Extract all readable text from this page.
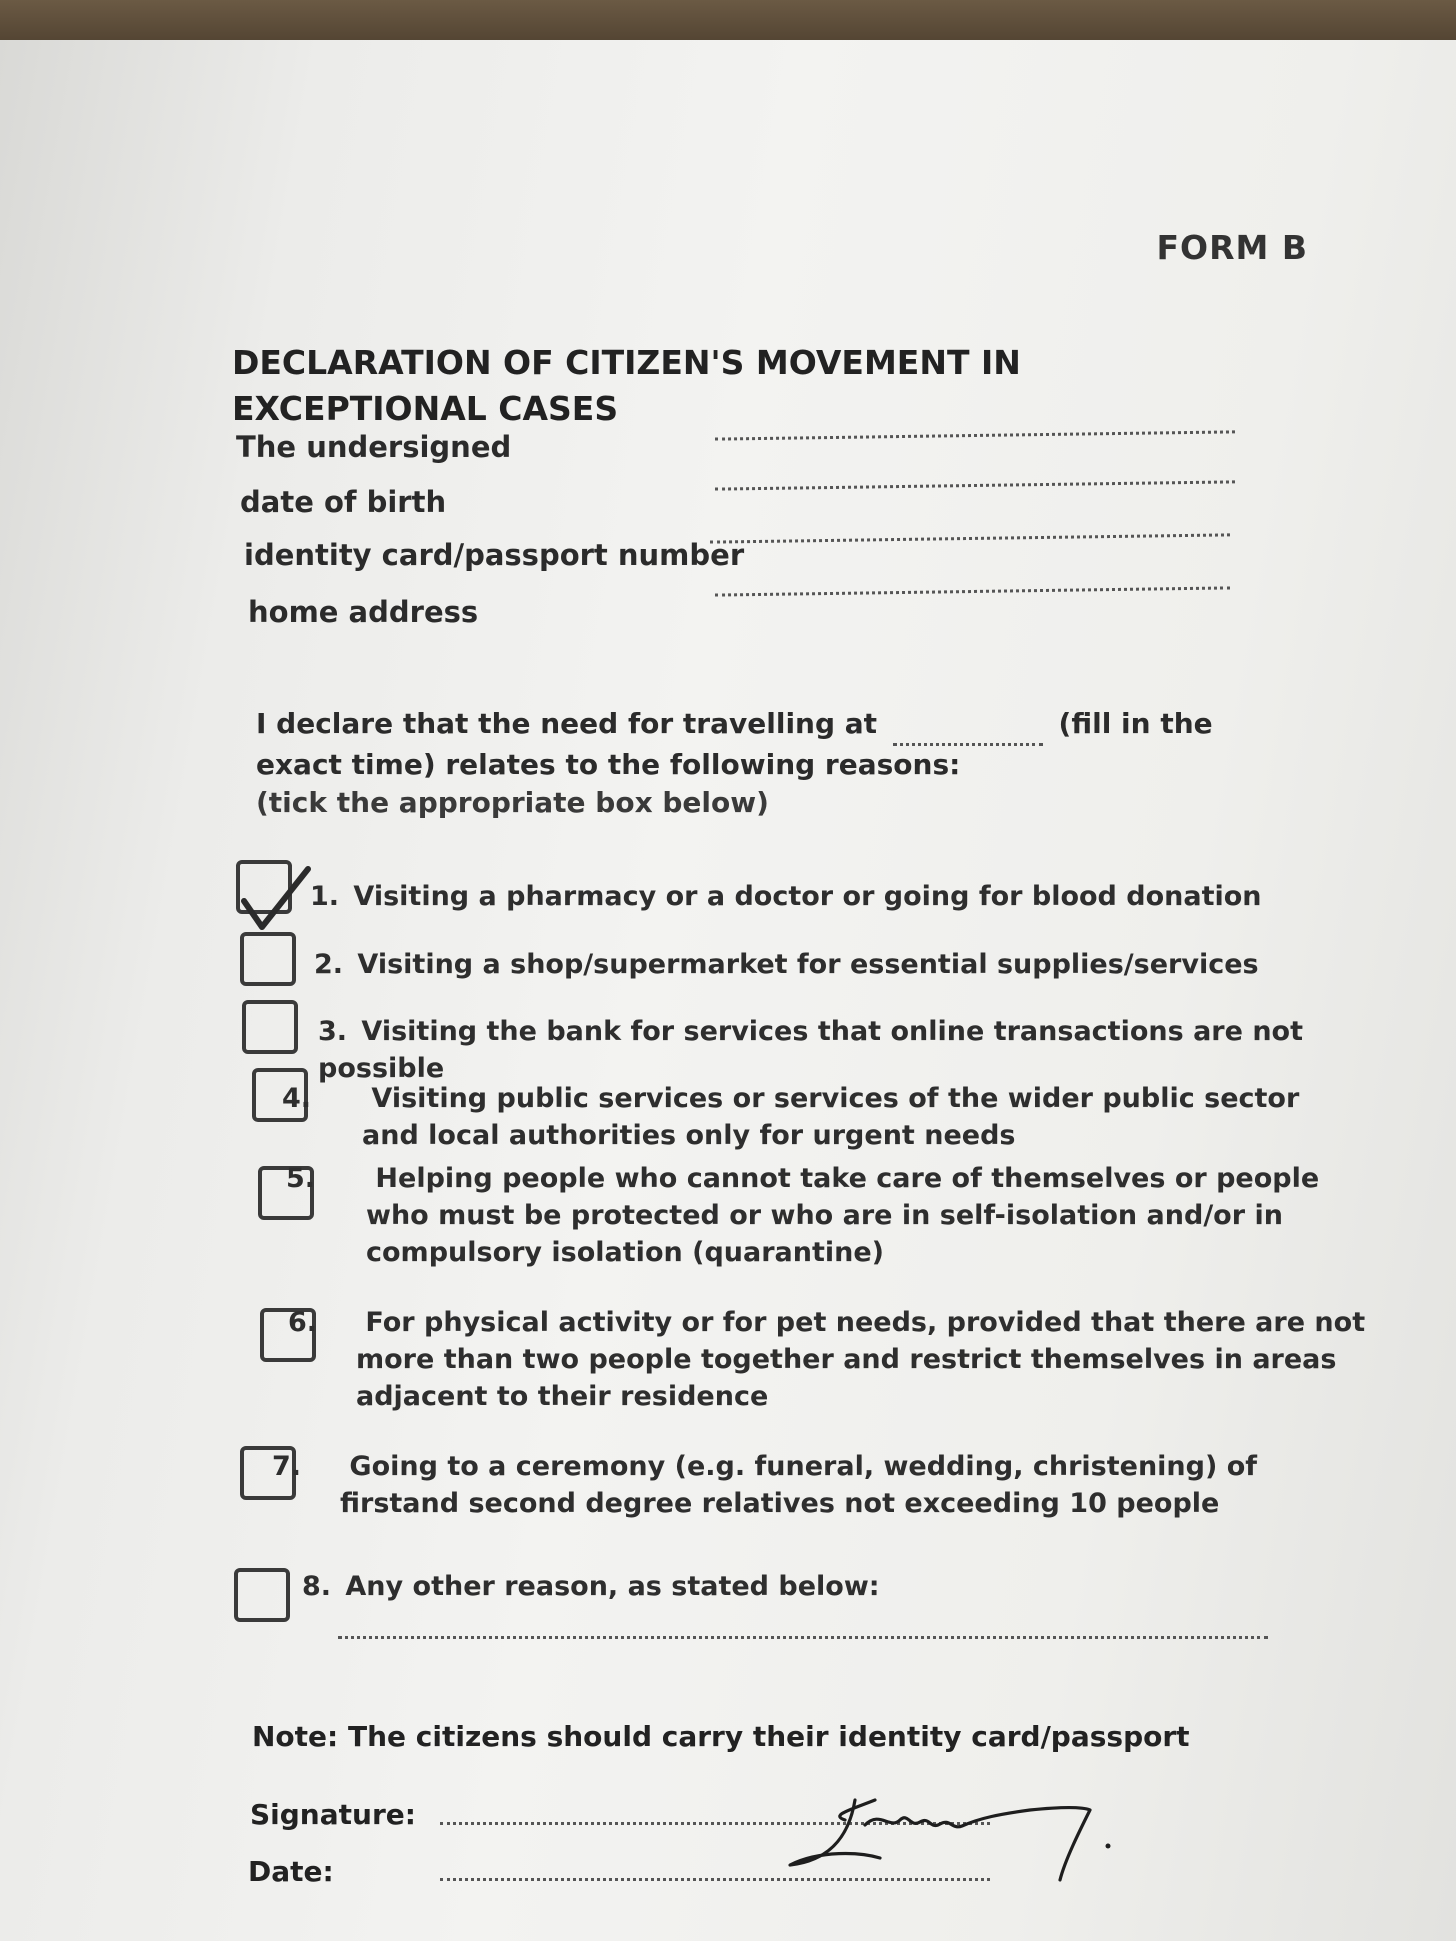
FORM B
DECLARATION OF CITIZEN'S MOVEMENT IN EXCEPTIONAL CASES
The undersigned
date of birth
identity card/passport number
home address
I declare that the need for travelling at	(fill in the exact time) relates to the following reasons:
(tick the appropriate box below)
1. Visiting a pharmacy or a doctor or going for blood donation
2. Visiting a shop/supermarket for essential supplies/services
3. Visiting the bank for services that online transactions are not possible
4. Visiting public services or services of the wider public sector and local authorities only for urgent needs
5. Helping people who cannot take care of themselves or people who must be protected or who are in self-isolation and/or in compulsory isolation (quarantine)
6. For physical activity or for pet needs, provided that there are not more than two people together and restrict themselves in areas adjacent to their residence
7. Going to a ceremony (e.g. funeral, wedding, christening) of firstand second degree relatives not exceeding 10 people
8. Any other reason, as stated below:
Note: The citizens should carry their identity card/passport
Signature:
Date:
